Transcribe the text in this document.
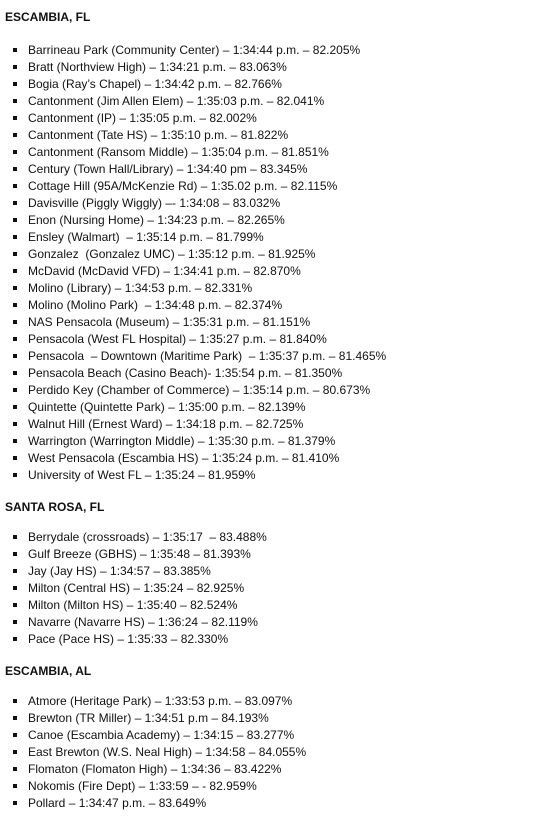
ESCAMBIA, FL
Barrineau Park (Community Center) – 1:34:44 p.m. – 82.205%
Bratt (Northview High) – 1:34:21 p.m. – 83.063%
Bogia (Ray’s Chapel) – 1:34:42 p.m. – 82.766%
Cantonment (Jim Allen Elem) – 1:35:03 p.m. – 82.041%
Cantonment (IP) – 1:35:05 p.m. – 82.002%
Cantonment (Tate HS) – 1:35:10 p.m. – 81.822%
Cantonment (Ransom Middle) – 1:35:04 p.m. – 81.851%
Century (Town Hall/Library) – 1:34:40 pm – 83.345%
Cottage Hill (95A/McKenzie Rd) – 1:35.02 p.m. – 82.115%
Davisville (Piggly Wiggly) –- 1:34:08 – 83.032%
Enon (Nursing Home) – 1:34:23 p.m. – 82.265%
Ensley (Walmart)  – 1:35:14 p.m. – 81.799%
Gonzalez  (Gonzalez UMC) – 1:35:12 p.m. – 81.925%
McDavid (McDavid VFD) – 1:34:41 p.m. – 82.870%
Molino (Library) – 1:34:53 p.m. – 82.331%
Molino (Molino Park)  – 1:34:48 p.m. – 82.374%
NAS Pensacola (Museum) – 1:35:31 p.m. – 81.151%
Pensacola (West FL Hospital) – 1:35:27 p.m. – 81.840%
Pensacola  – Downtown (Maritime Park)  – 1:35:37 p.m. – 81.465%
Pensacola Beach (Casino Beach)- 1:35:54 p.m. – 81.350%
Perdido Key (Chamber of Commerce) – 1:35:14 p.m. – 80.673%
Quintette (Quintette Park) – 1:35:00 p.m. – 82.139%
Walnut Hill (Ernest Ward) – 1:34:18 p.m. – 82.725%
Warrington (Warrington Middle) – 1:35:30 p.m. – 81.379%
West Pensacola (Escambia HS) – 1:35:24 p.m. – 81.410%
University of West FL – 1:35:24 – 81.959%
SANTA ROSA, FL
Berrydale (crossroads) – 1:35:17  – 83.488%
Gulf Breeze (GBHS) – 1:35:48 – 81.393%
Jay (Jay HS) – 1:34:57 – 83.385%
Milton (Central HS) – 1:35:24 – 82.925%
Milton (Milton HS) – 1:35:40 – 82.524%
Navarre (Navarre HS) – 1:36:24 – 82.119%
Pace (Pace HS) – 1:35:33 – 82.330%
ESCAMBIA, AL
Atmore (Heritage Park) – 1:33:53 p.m. – 83.097%
Brewton (TR Miller) – 1:34:51 p.m – 84.193%
Canoe (Escambia Academy) – 1:34:15 – 83.277%
East Brewton (W.S. Neal High) – 1:34:58 – 84.055%
Flomaton (Flomaton High) – 1:34:36 – 83.422%
Nokomis (Fire Dept) – 1:33:59 – - 82.959%
Pollard – 1:34:47 p.m. – 83.649%
